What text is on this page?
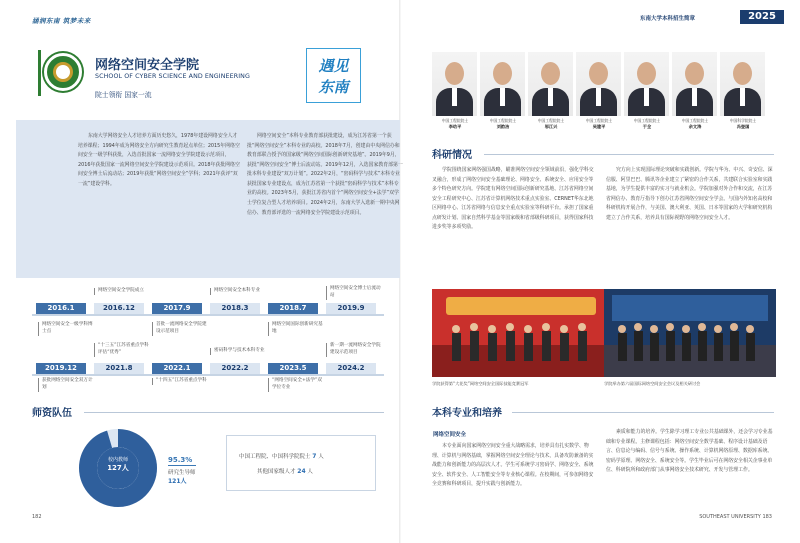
涵润东南 筑梦未来
网络空间安全学院
SCHOOL OF CYBER SCIENCE AND ENGINEERING
院士领衔 国家一流
遇见
东南
东南大学网络安全人才培养方面历史悠久，1978年建设网络安全人才培养课程；1994年成为网络安全方向研究生教育起点单位；2015年网络空间安全一级学科获批，入选首批国家一流网络安全学院建设示范项目，2016年获批国家一流网络空间安全学院建设示范项目。2018年获批网络空间安全博士后流动站；2019年获批“网络空间安全”学科；2021年获评“双一流”建设学科。
网络空间安全”本科专业教育部获批建设，成为江苏省第一个获批“网络空间安全”本科专业的高校。2018年7月，创建由中央网信办和教育部联合授予的国家级“网络空间国际创新研究基地”。2019年9月，获批“网络空间安全”博士后流动站。2019年12月，入选国家教育部第一批本科专业建设“双万计划”。2022年2月，“密码科学与技术”本科专业获批国家专业建设点，成为江苏省第一个获批“密码科学与技术”本科专业的高校。2023年5月，获批江苏省内首个“网络空间安全+法学”双学士学位复合型人才培养项目。2024年2月，东南大学入选新一期中央网信办、教育部评选的一流网络安全学院建设示范项目。
2016.1	2016.12	2017.9	2018.3	2018.7	2019.9
网络空间安全学院成立
网络空间安全一级学科博士点
首批一流网络安全学院建设示范项目
网络空间安全本科专业
网络空间国际创新研究基地
网络空间安全博士后流动站
2019.12	2021.8	2022.1	2022.2	2023.5	2024.2
获批网络空间安全双万计划
“十三五”江苏省重点学科评估“优秀”
“十四五”江苏省重点学科
密码科学与技术本科专业
“网络空间安全+法学”双学位专业
新一期一流网络安全学院建设示范项目
师资队伍
校内教师
127人
95.3%
研究生导师
121人
中国工程院、中国科学院院士 7 人
其他国家级人才 24 人
182
东南大学本科招生简章	2025
中国工程院院士
李幼平
中国工程院院士
刘韵洁
中国工程院院士
邬江兴
中国工程院院士
吴建平
中国工程院院士
于全
中国工程院院士
余文涛
中国科学院院士
冯登国
科研情况
学院围绕国家网络强国战略，瞄准网络空间安全领域前沿，强化学科交叉融合，形成了网络空间安全基础理论、网络安全、系统安全、应用安全等多个特色研究方向。学院建有网络空间国际创新研究基地、江苏省网络空间安全工程研究中心、江苏省计算机网络技术重点实验室、CERNET华东北地区网络中心、江苏省网络与信息安全重点实验室等科研平台。承担了国家重点研发计划、国家自然科学基金等国家级和省部级科研项目，获得国家科技进步奖等多项奖励。
究方向上实现国际理论突破和实践创新。学院与华为、中兴、奇安信、深信服、阿里巴巴、腾讯等企业建立了紧密的合作关系，共建联合实验室和实践基地，为学生提供丰富的实习与就业机会。学院加强对外合作和交流，在江苏省网信办、教育厅指导下创办江苏省网络空间安全学会。与国内外知名高校和科研机构开展合作，与美国、澳大利亚、英国、日本等国家的大学和研究机构建立了合作关系，培养具有国际视野的网络空间安全人才。
学院获得第“大花奖”网络空间安全国际技能竞赛冠军	学院举办第六届国际网络空间安全会议及相关研讨会
本科专业和培养
网络空间安全
本专业面向国家网络空间安全重大战略需求，培养具有扎实数学、物理、计算机与网络基础，掌握网络空间安全理论与技术，具备攻防兼备的实战能力和创新能力的高层次人才。学生可系统学习密码学、网络安全、系统安全、软件安全、人工智能安全等专业核心课程。在校期间，可参加网络安全竞赛和科研项目，提升实践与创新能力。
素质和能力的培养。学生除学习理工专业公共基础课外，还会学习专业基础和专业课程。主修课程包括：网络空间安全数学基础、程序设计基础及语言、信息论与编码、信号与系统、操作系统、计算机网络原理、数据库系统、密码学原理、网络安全、系统安全等。学生毕业后可在网络安全相关企事业单位、科研院所和政府部门从事网络安全技术研究、开发与管理工作。
SOUTHEAST UNIVERSITY 183
